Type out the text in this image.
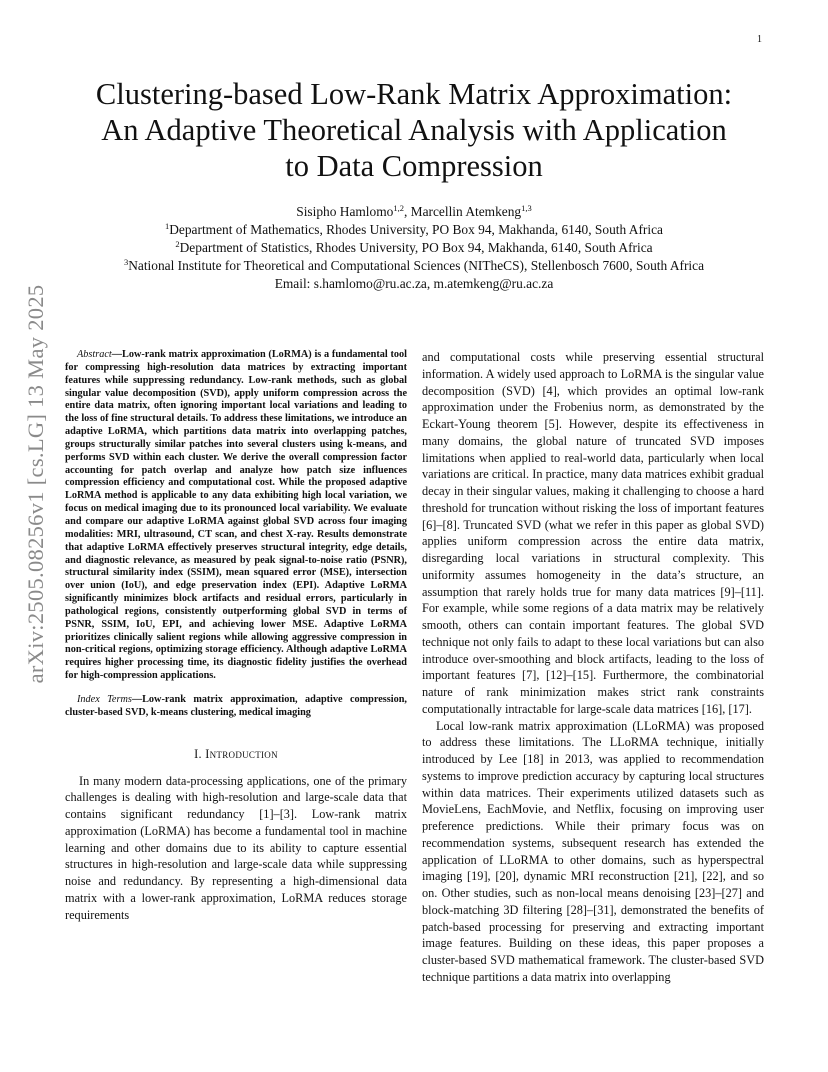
1
arXiv:2505.08256v1 [cs.LG] 13 May 2025
Clustering-based Low-Rank Matrix Approximation:
An Adaptive Theoretical Analysis with Application
to Data Compression
Sisipho Hamlomo$^{1,2}$, Marcellin Atemkeng$^{1,3}$
$^1$Department of Mathematics, Rhodes University, PO Box 94, Makhanda, 6140, South Africa
$^2$Department of Statistics, Rhodes University, PO Box 94, Makhanda, 6140, South Africa
$^3$National Institute for Theoretical and Computational Sciences (NITheCS), Stellenbosch 7600, South Africa
Email: s.hamlomo@ru.ac.za, m.atemkeng@ru.ac.za

Abstract—Low-rank matrix approximation (LoRMA) is a fundamental tool for compressing high-resolution data matrices by extracting important features while suppressing redundancy. Low-rank methods, such as global singular value decomposition (SVD), apply uniform compression across the entire data matrix, often ignoring important local variations and leading to the loss of fine structural details. To address these limitations, we introduce an adaptive LoRMA, which partitions data matrix into overlapping patches, groups structurally similar patches into several clusters using k-means, and performs SVD within each cluster. We derive the overall compression factor accounting for patch overlap and analyze how patch size influences compression efficiency and computational cost. While the proposed adaptive LoRMA method is applicable to any data exhibiting high local variation, we focus on medical imaging due to its pronounced local variability. We evaluate and compare our adaptive LoRMA against global SVD across four imaging modalities: MRI, ultrasound, CT scan, and chest X-ray. Results demonstrate that adaptive LoRMA effectively preserves structural integrity, edge details, and diagnostic relevance, as measured by peak signal-to-noise ratio (PSNR), structural similarity index (SSIM), mean squared error (MSE), intersection over union (IoU), and edge preservation index (EPI). Adaptive LoRMA significantly minimizes block artifacts and residual errors, particularly in pathological regions, consistently outperforming global SVD in terms of PSNR, SSIM, IoU, EPI, and achieving lower MSE. Adaptive LoRMA prioritizes clinically salient regions while allowing aggressive compression in non-critical regions, optimizing storage efficiency. Although adaptive LoRMA requires higher processing time, its diagnostic fidelity justifies the overhead for high-compression applications.

Index Terms—Low-rank matrix approximation, adaptive compression, cluster-based SVD, k-means clustering, medical imaging

I. Introduction

In many modern data-processing applications, one of the primary challenges is dealing with high-resolution and large-scale data that contains significant redundancy [1]–[3]. Low-rank matrix approximation (LoRMA) has become a fundamental tool in machine learning and other domains due to its ability to capture essential structures in high-resolution and large-scale data while suppressing noise and redundancy. By representing a high-dimensional data matrix with a lower-rank approximation, LoRMA reduces storage requirements

and computational costs while preserving essential structural information. A widely used approach to LoRMA is the singular value decomposition (SVD) [4], which provides an optimal low-rank approximation under the Frobenius norm, as demonstrated by the Eckart-Young theorem [5]. However, despite its effectiveness in many domains, the global nature of truncated SVD imposes limitations when applied to real-world data, particularly when local variations are critical. In practice, many data matrices exhibit gradual decay in their singular values, making it challenging to choose a hard threshold for truncation without risking the loss of important features [6]–[8]. Truncated SVD (what we refer in this paper as global SVD) applies uniform compression across the entire data matrix, disregarding local variations in structural complexity. This uniformity assumes homogeneity in the data’s structure, an assumption that rarely holds true for many data matrices [9]–[11]. For example, while some regions of a data matrix may be relatively smooth, others can contain important features. The global SVD technique not only fails to adapt to these local variations but can also introduce over-smoothing and block artifacts, leading to the loss of important features [7], [12]–[15]. Furthermore, the combinatorial nature of rank minimization makes strict rank constraints computationally intractable for large-scale data matrices [16], [17].

Local low-rank matrix approximation (LLoRMA) was proposed to address these limitations. The LLoRMA technique, initially introduced by Lee [18] in 2013, was applied to recommendation systems to improve prediction accuracy by capturing local structures within data matrices. Their experiments utilized datasets such as MovieLens, EachMovie, and Netflix, focusing on improving user preference predictions. While their primary focus was on recommendation systems, subsequent research has extended the application of LLoRMA to other domains, such as hyperspectral imaging [19], [20], dynamic MRI reconstruction [21], [22], and so on. Other studies, such as non-local means denoising [23]–[27] and block-matching 3D filtering [28]–[31], demonstrated the benefits of patch-based processing for preserving and extracting important image features. Building on these ideas, this paper proposes a cluster-based SVD mathematical framework. The cluster-based SVD technique partitions a data matrix into overlapping
